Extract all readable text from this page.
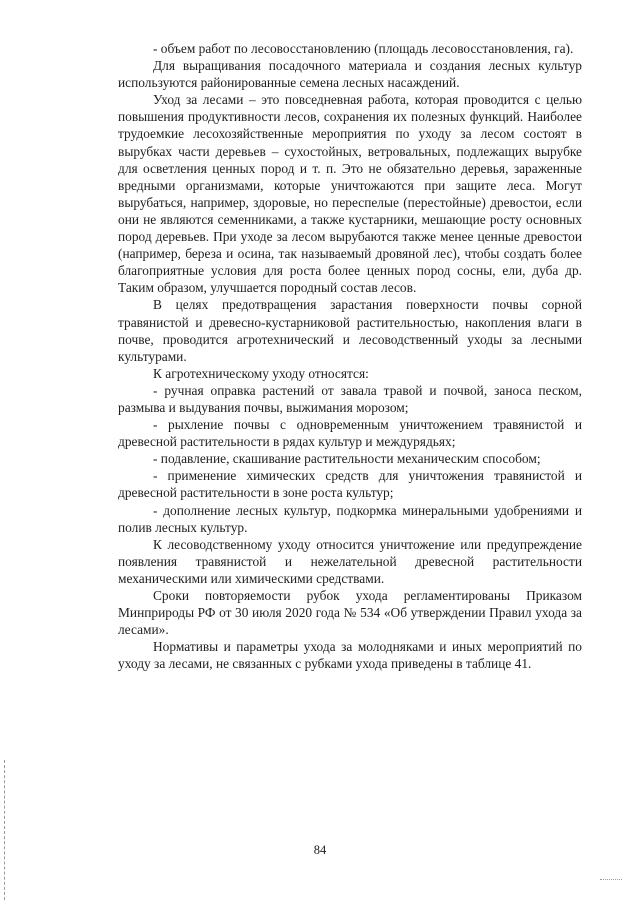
- объем работ по лесовосстановлению (площадь лесовосстановления, га).

Для выращивания посадочного материала и создания лесных культур используются районированные семена лесных насаждений.

Уход за лесами – это повседневная работа, которая проводится с целью повышения продуктивности лесов, сохранения их полезных функций. Наиболее трудоемкие лесохозяйственные мероприятия по уходу за лесом состоят в вырубках части деревьев – сухостойных, ветровальных, подлежащих вырубке для осветления ценных пород и т. п. Это не обязательно деревья, зараженные вредными организмами, которые уничтожаются при защите леса. Могут вырубаться, например, здоровые, но переспелые (перестойные) древостои, если они не являются семенниками, а также кустарники, мешающие росту основных пород деревьев. При уходе за лесом вырубаются также менее ценные древостои (например, береза и осина, так называемый дровяной лес), чтобы создать более благоприятные условия для роста более ценных пород сосны, ели, дуба др. Таким образом, улучшается породный состав лесов.

В целях предотвращения зарастания поверхности почвы сорной травянистой и древесно-кустарниковой растительностью, накопления влаги в почве, проводится агротехнический и лесоводственный уходы за лесными культурами.

К агротехническому уходу относятся:

- ручная оправка растений от завала травой и почвой, заноса песком, размыва и выдувания почвы, выжимания морозом;

- рыхление почвы с одновременным уничтожением травянистой и древесной растительности в рядах культур и междурядьях;

- подавление, скашивание растительности механическим способом;

- применение химических средств для уничтожения травянистой и древесной растительности в зоне роста культур;

- дополнение лесных культур, подкормка минеральными удобрениями и полив лесных культур.

К лесоводственному уходу относится уничтожение или предупреждение появления травянистой и нежелательной древесной растительности механическими или химическими средствами.

Сроки повторяемости рубок ухода регламентированы Приказом Минприроды РФ от 30 июля 2020 года № 534 «Об утверждении Правил ухода за лесами».

Нормативы и параметры ухода за молодняками и иных мероприятий по уходу за лесами, не связанных с рубками ухода приведены в таблице 41.

84
